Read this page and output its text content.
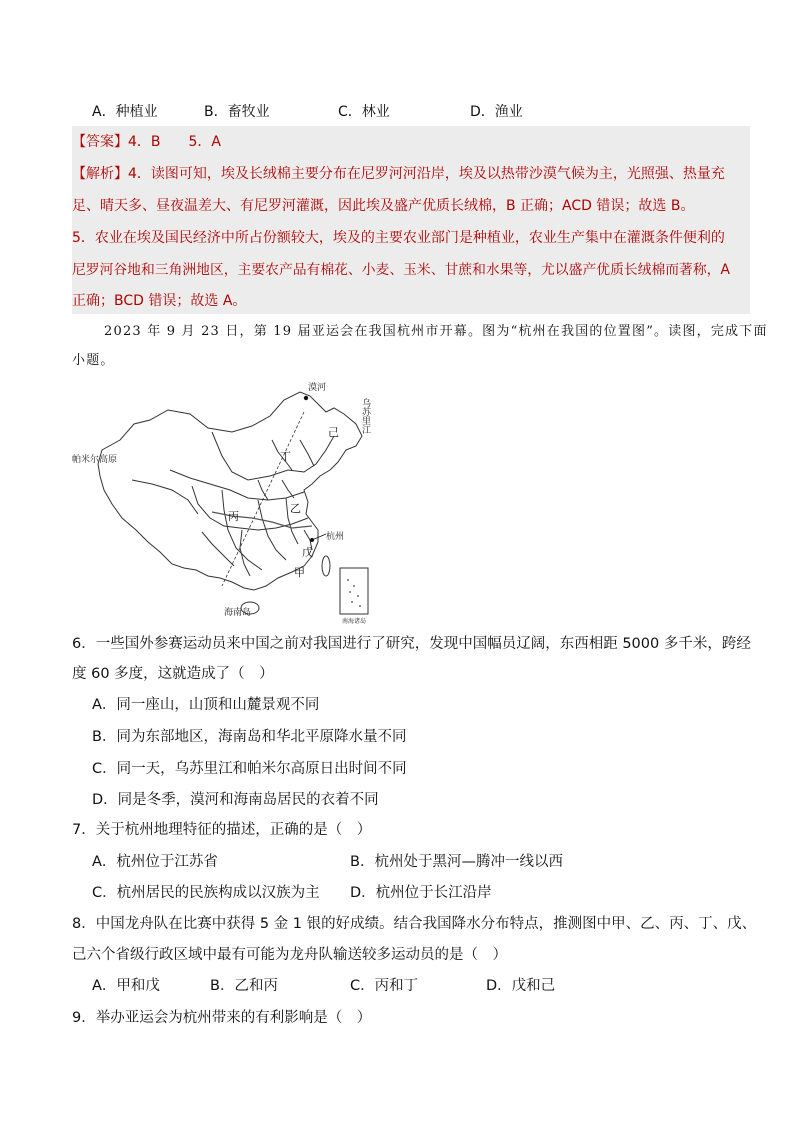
A．种植业	B．畜牧业	C．林业	D．渔业
【答案】4．B　　5．A
【解析】4．读图可知，埃及长绒棉主要分布在尼罗河河沿岸，埃及以热带沙漠气候为主，光照强、热量充
足、晴天多、昼夜温差大、有尼罗河灌溉，因此埃及盛产优质长绒棉，B 正确；ACD 错误；故选 B。
5．农业在埃及国民经济中所占份额较大，埃及的主要农业部门是种植业，农业生产集中在灌溉条件便利的
尼罗河谷地和三角洲地区，主要农产品有棉花、小麦、玉米、甘蔗和水果等，尤以盛产优质长绒棉而著称，A
正确；BCD 错误；故选 A。
2023 年 9 月 23 日，第 19 届亚运会在我国杭州市开幕。图为“杭州在我国的位置图”。读图，完成下面
小题。
漠河
乌苏里江
帕米尔高原
杭州
海南岛
南海诸岛
己
丁
乙
丙
戊
甲
6．一些国外参赛运动员来中国之前对我国进行了研究，发现中国幅员辽阔，东西相距 5000 多千米，跨经
度 60 多度，这就造成了（　）
A．同一座山，山顶和山麓景观不同
B．同为东部地区，海南岛和华北平原降水量不同
C．同一天，乌苏里江和帕米尔高原日出时间不同
D．同是冬季，漠河和海南岛居民的衣着不同
7．关于杭州地理特征的描述，正确的是（　）
A．杭州位于江苏省	B．杭州处于黑河—腾冲一线以西
C．杭州居民的民族构成以汉族为主 D．杭州位于长江沿岸
8．中国龙舟队在比赛中获得 5 金 1 银的好成绩。结合我国降水分布特点，推测图中甲、乙、丙、丁、戊、
己六个省级行政区域中最有可能为龙舟队输送较多运动员的是（　）
A．甲和戊	B．乙和丙	C．丙和丁	D．戊和己
9．举办亚运会为杭州带来的有利影响是（　）
